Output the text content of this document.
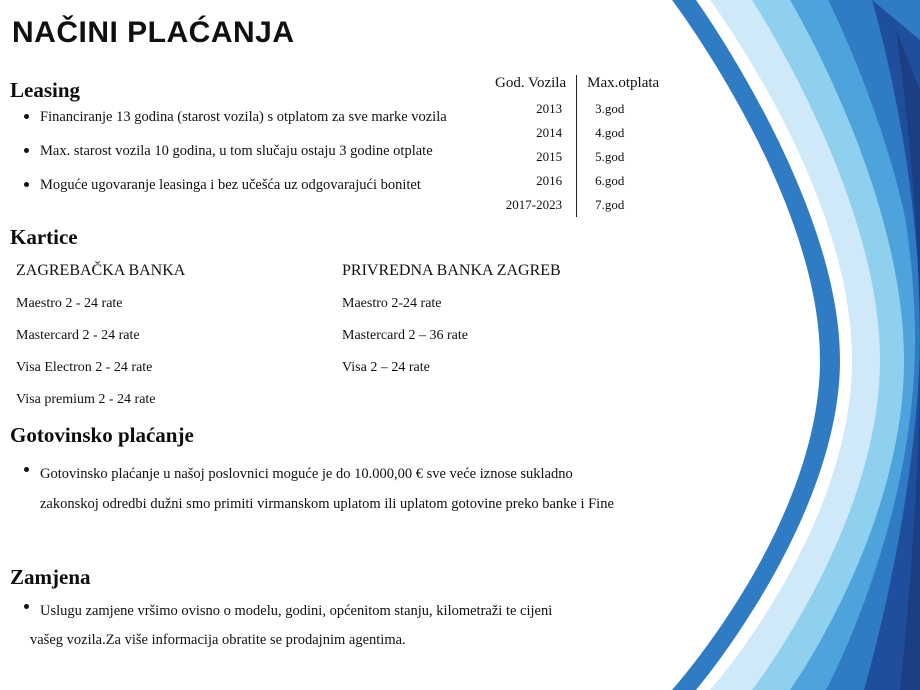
NAČINI PLAĆANJA
Leasing
Financiranje 13 godina (starost vozila) s otplatom za sve marke vozila
Max. starost vozila 10 godina, u tom slučaju ostaju 3 godine otplate
Moguće ugovaranje leasinga i bez učešća uz odgovarajući bonitet
God. Vozila	Max.otplata
2013	3.god
2014	4.god
2015	5.god
2016	6.god
2017-2023	7.god
Kartice
ZAGREBAČKA BANKA
Maestro 2 - 24 rate
Mastercard 2 - 24 rate
Visa Electron 2 - 24 rate
Visa premium 2 - 24 rate
PRIVREDNA BANKA ZAGREB
Maestro 2-24 rate
Mastercard 2 – 36 rate
Visa 2 – 24 rate
Gotovinsko plaćanje
Gotovinsko plaćanje u našoj poslovnici moguće je do 10.000,00 € sve veće iznose sukladno
zakonskoj odredbi dužni smo primiti virmanskom uplatom ili uplatom gotovine preko banke i Fine
Zamjena
Uslugu zamjene vršimo ovisno o modelu, godini, općenitom stanju, kilometraži te cijeni
vašeg vozila.Za više informacija obratite se prodajnim agentima.
